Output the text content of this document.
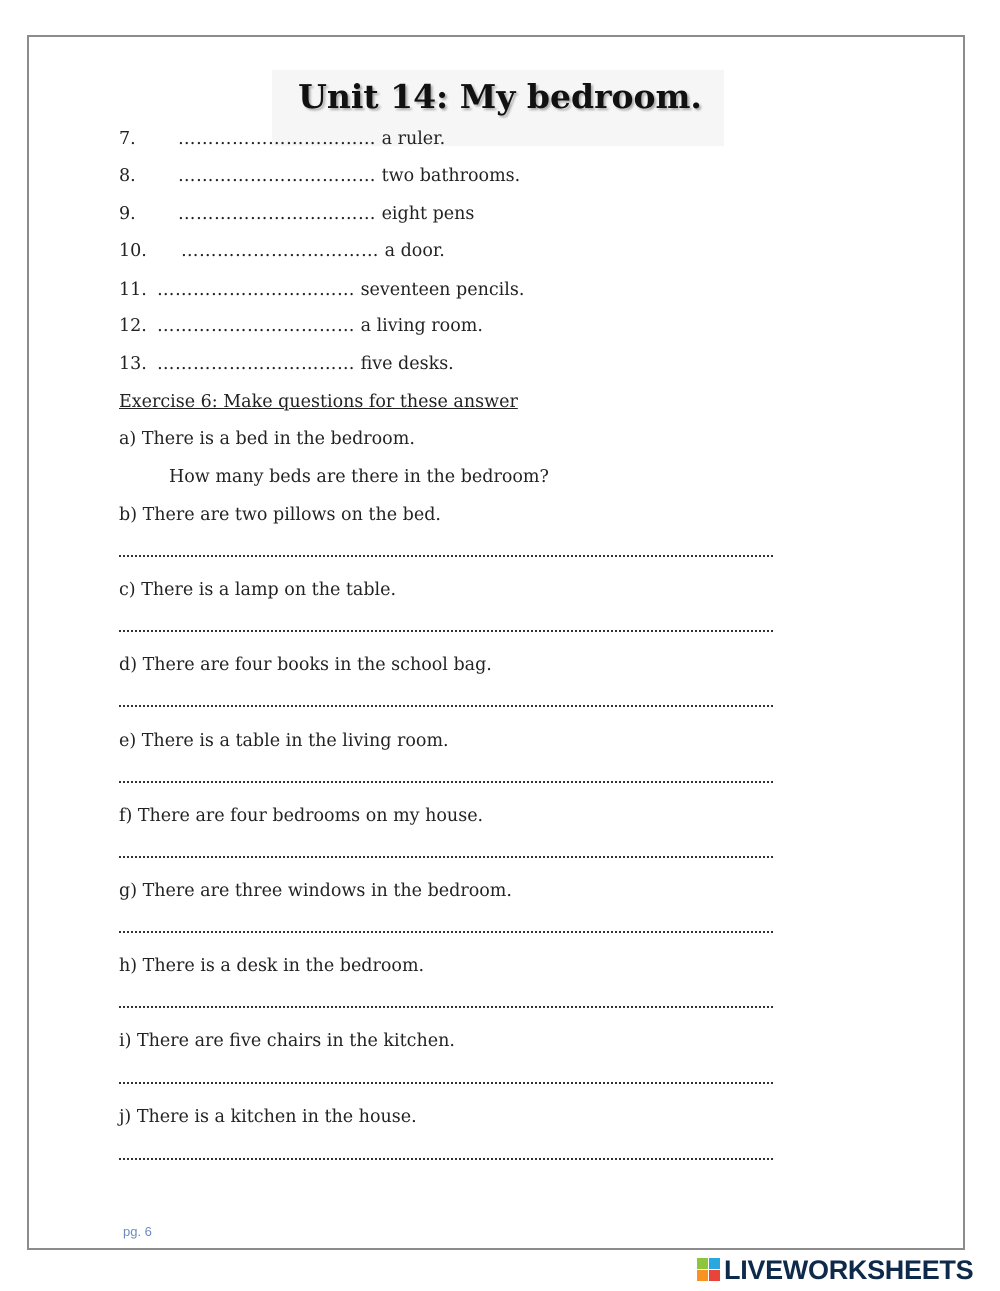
Unit 14: My bedroom.
7. …………………………… a ruler.
8. …………………………… two bathrooms.
9. …………………………… eight pens
10. …………………………… a door.
11. …………………………… seventeen pencils.
12. …………………………… a living room.
13. …………………………… five desks.
Exercise 6: Make questions for these answer
a) There is a bed in the bedroom.
How many beds are there in the bedroom?
b) There are two pillows on the bed.
c) There is a lamp on the table.
d) There are four books in the school bag.
e) There is a table in the living room.
f) There are four bedrooms on my house.
g) There are three windows in the bedroom.
h) There is a desk in the bedroom.
i) There are five chairs in the kitchen.
j) There is a kitchen in the house.
pg. 6
LIVEWORKSHEETS
